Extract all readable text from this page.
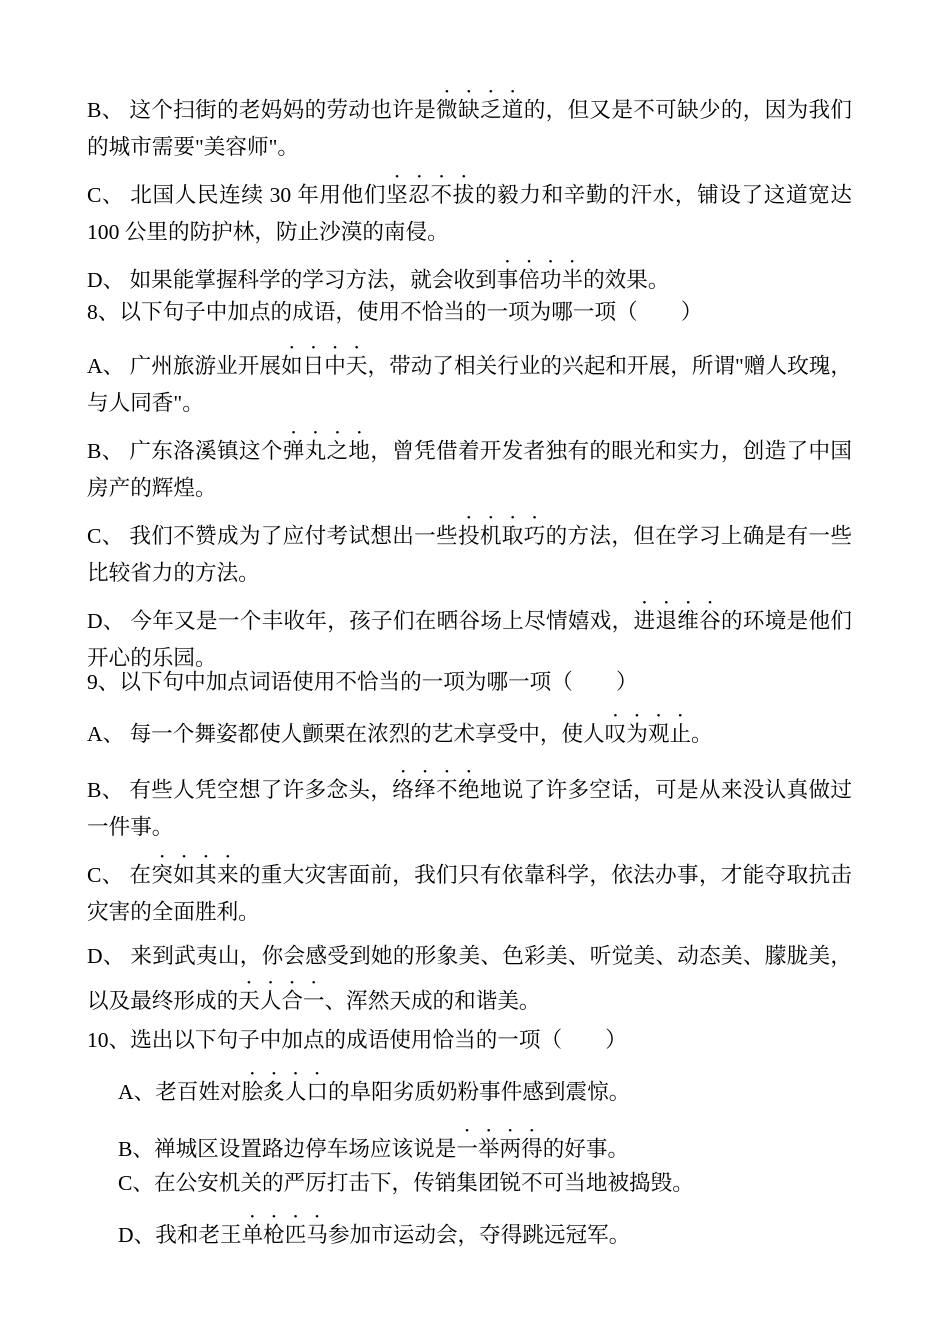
B、 这个扫街的老妈妈的劳动也许是微缺乏道的，但又是不可缺少的，因为我们的城市需要"美容师"。

C、 北国人民连续 30 年用他们坚忍不拔的毅力和辛勤的汗水，铺设了这道宽达 100 公里的防护林，防止沙漠的南侵。

D、 如果能掌握科学的学习方法，就会收到事倍功半的效果。

8、以下句子中加点的成语，使用不恰当的一项为哪一项（　　）

A、 广州旅游业开展如日中天，带动了相关行业的兴起和开展，所谓"赠人玫瑰，与人同香"。

B、 广东洛溪镇这个弹丸之地，曾凭借着开发者独有的眼光和实力，创造了中国房产的辉煌。

C、 我们不赞成为了应付考试想出一些投机取巧的方法，但在学习上确是有一些比较省力的方法。

D、 今年又是一个丰收年，孩子们在晒谷场上尽情嬉戏，进退维谷的环境是他们开心的乐园。

9、以下句中加点词语使用不恰当的一项为哪一项（　　）

A、 每一个舞姿都使人颤栗在浓烈的艺术享受中，使人叹为观止。

B、 有些人凭空想了许多念头，络绎不绝地说了许多空话，可是从来没认真做过一件事。

C、 在突如其来的重大灾害面前，我们只有依靠科学，依法办事，才能夺取抗击灾害的全面胜利。

D、 来到武夷山，你会感受到她的形象美、色彩美、听觉美、动态美、朦胧美，以及最终形成的天人合一、浑然天成的和谐美。

10、选出以下句子中加点的成语使用恰当的一项（　　）

A、老百姓对脍炙人口的阜阳劣质奶粉事件感到震惊。

B、禅城区设置路边停车场应该说是一举两得的好事。

C、在公安机关的严厉打击下，传销集团锐不可当地被捣毁。

D、我和老王单枪匹马参加市运动会，夺得跳远冠军。
